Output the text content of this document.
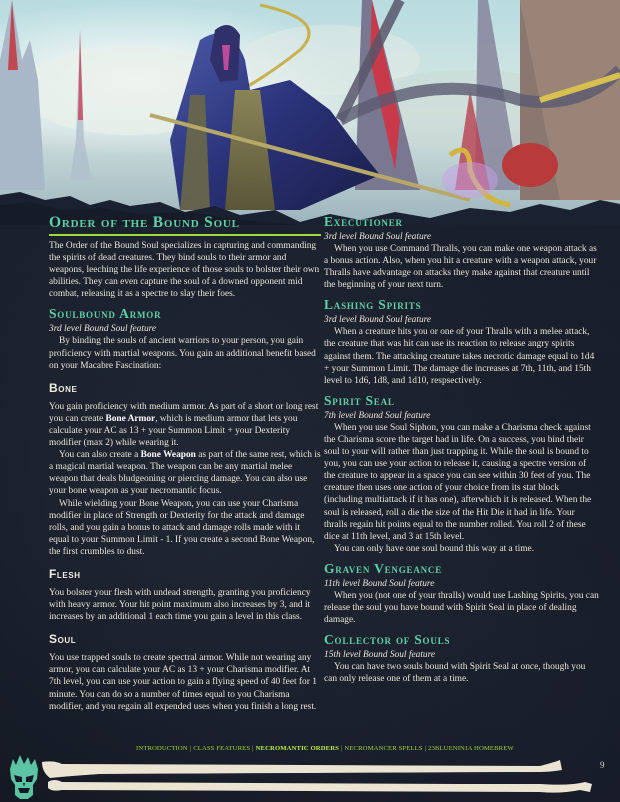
Order of the Bound Soul

The Order of the Bound Soul specializes in capturing and commanding the spirits of dead creatures. They bind souls to their armor and weapons, leeching the life experience of those souls to bolster their own abilities. They can even capture the soul of a downed opponent mid combat, releasing it as a spectre to slay their foes.

Soulbound Armor
3rd level Bound Soul feature

By binding the souls of ancient warriors to your person, you gain proficiency with martial weapons. You gain an additional benefit based on your Macabre Fascination:

Bone

You gain proficiency with medium armor. As part of a short or long rest you can create Bone Armor, which is medium armor that lets you calculate your AC as 13 + your Summon Limit + your Dexterity modifier (max 2) while wearing it.

You can also create a Bone Weapon as part of the same rest, which is a magical martial weapon. The weapon can be any martial melee weapon that deals bludgeoning or piercing damage. You can also use your bone weapon as your necromantic focus.

While wielding your Bone Weapon, you can use your Charisma modifier in place of Strength or Dexterity for the attack and damage rolls, and you gain a bonus to attack and damage rolls made with it equal to your Summon Limit - 1. If you create a second Bone Weapon, the first crumbles to dust.

Flesh

You bolster your flesh with undead strength, granting you proficiency with heavy armor. Your hit point maximum also increases by 3, and it increases by an additional 1 each time you gain a level in this class.

Soul

You use trapped souls to create spectral armor. While not wearing any armor, you can calculate your AC as 13 + your Charisma modifier. At 7th level, you can use your action to gain a flying speed of 40 feet for 1 minute. You can do so a number of times equal to you Charisma modifier, and you regain all expended uses when you finish a long rest.

Executioner
3rd level Bound Soul feature

When you use Command Thralls, you can make one weapon attack as a bonus action. Also, when you hit a creature with a weapon attack, your Thralls have advantage on attacks they make against that creature until the beginning of your next turn.

Lashing Spirits
3rd level Bound Soul feature

When a creature hits you or one of your Thralls with a melee attack, the creature that was hit can use its reaction to release angry spirits against them. The attacking creature takes necrotic damage equal to 1d4 + your Summon Limit. The damage die increases at 7th, 11th, and 15th level to 1d6, 1d8, and 1d10, respsectively.

Spirit Seal
7th level Bound Soul feature

When you use Soul Siphon, you can make a Charisma check against the Charisma score the target had in life. On a success, you bind their soul to your will rather than just trapping it. While the soul is bound to you, you can use your action to release it, causing a spectre version of the creature to appear in a space you can see within 30 feet of you. The creature then uses one action of your choice from its stat block (including multiattack if it has one), afterwhich it is released. When the soul is released, roll a die the size of the Hit Die it had in life. Your thralls regain hit points equal to the number rolled. You roll 2 of these dice at 11th level, and 3 at 15th level.

You can only have one soul bound this way at a time.

Graven Vengeance
11th level Bound Soul feature

When you (not one of your thralls) would use Lashing Spirits, you can release the soul you have bound with Spirit Seal in place of dealing damage.

Collector of Souls
15th level Bound Soul feature

You can have two souls bound with Spirit Seal at once, though you can only release one of them at a time.

INTRODUCTION | CLASS FEATURES | NECROMANTIC ORDERS | NECROMANCER SPELLS | 23BLUENINJA HOMEBREW
9
